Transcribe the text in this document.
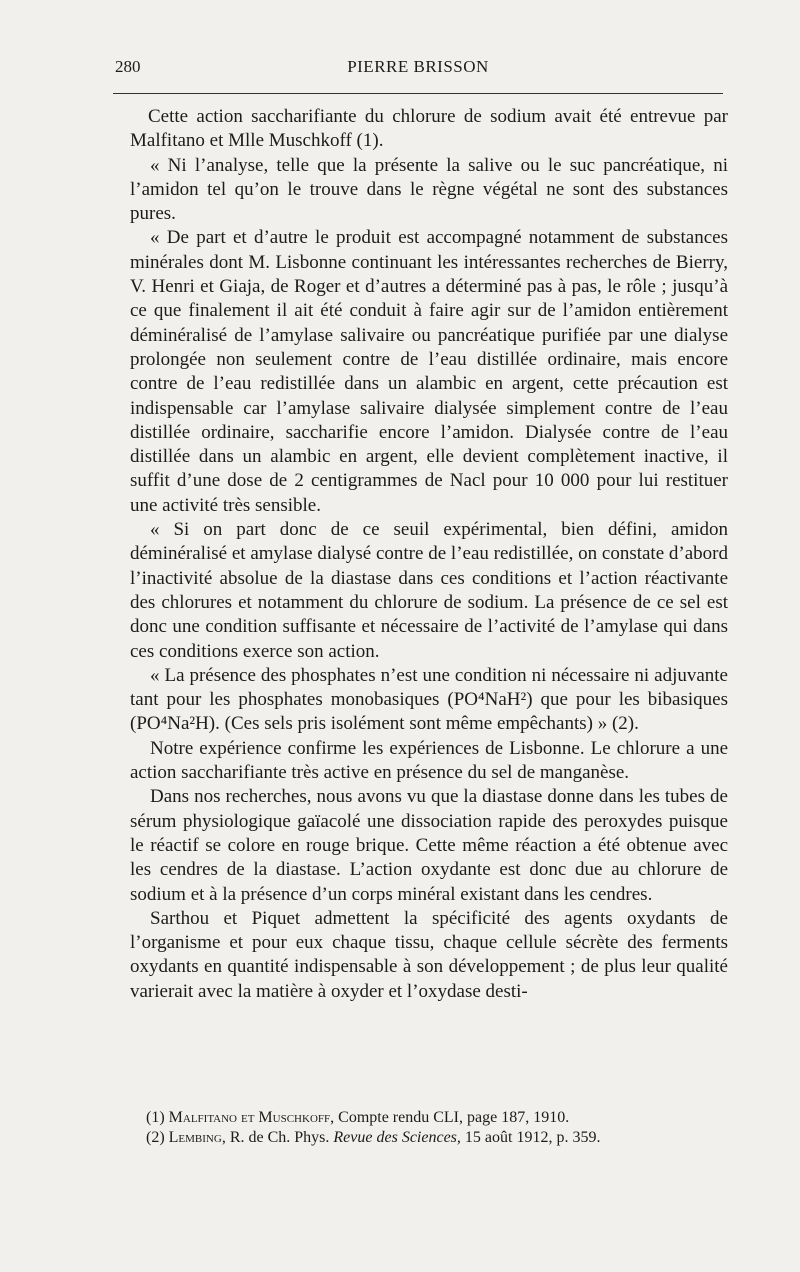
280	PIERRE BRISSON

Cette action saccharifiante du chlorure de sodium avait été entrevue par Malfitano et Mlle Muschkoff (1).

« Ni l’analyse, telle que la présente la salive ou le suc pancréatique, ni l’amidon tel qu’on le trouve dans le règne végétal ne sont des substances pures.

« De part et d’autre le produit est accompagné notamment de substances minérales dont M. Lisbonne continuant les intéressantes recherches de Bierry, V. Henri et Giaja, de Roger et d’autres a déterminé pas à pas, le rôle ; jusqu’à ce que finalement il ait été conduit à faire agir sur de l’amidon entièrement déminéralisé de l’amylase salivaire ou pancréatique purifiée par une dialyse prolongée non seulement contre de l’eau distillée ordinaire, mais encore contre de l’eau redistillée dans un alambic en argent, cette précaution est indispensable car l’amylase salivaire dialysée simplement contre de l’eau distillée ordinaire, saccharifie encore l’amidon. Dialysée contre de l’eau distillée dans un alambic en argent, elle devient complètement inactive, il suffit d’une dose de 2 centigrammes de Nacl pour 10 000 pour lui restituer une activité très sensible.

« Si on part donc de ce seuil expérimental, bien défini, amidon déminéralisé et amylase dialysé contre de l’eau redistillée, on constate d’abord l’inactivité absolue de la diastase dans ces conditions et l’action réactivante des chlorures et notamment du chlorure de sodium. La présence de ce sel est donc une condition suffisante et nécessaire de l’activité de l’amylase qui dans ces conditions exerce son action.

« La présence des phosphates n’est une condition ni nécessaire ni adjuvante tant pour les phosphates monobasiques (PO⁴NaH²) que pour les bibasiques (PO⁴Na²H). (Ces sels pris isolément sont même empêchants) » (2).

Notre expérience confirme les expériences de Lisbonne. Le chlorure a une action saccharifiante très active en présence du sel de manganèse.

Dans nos recherches, nous avons vu que la diastase donne dans les tubes de sérum physiologique gaïacolé une dissociation rapide des peroxydes puisque le réactif se colore en rouge brique. Cette même réaction a été obtenue avec les cendres de la diastase. L’action oxydante est donc due au chlorure de sodium et à la présence d’un corps minéral existant dans les cendres.

Sarthou et Piquet admettent la spécificité des agents oxydants de l’organisme et pour eux chaque tissu, chaque cellule sécrète des ferments oxydants en quantité indispensable à son développement ; de plus leur qualité varierait avec la matière à oxyder et l’oxydase desti-

(1) Malfitano et Muschkoff, Compte rendu CLI, page 187, 1910.
(2) Lembing, R. de Ch. Phys. Revue des Sciences, 15 août 1912, p. 359.
